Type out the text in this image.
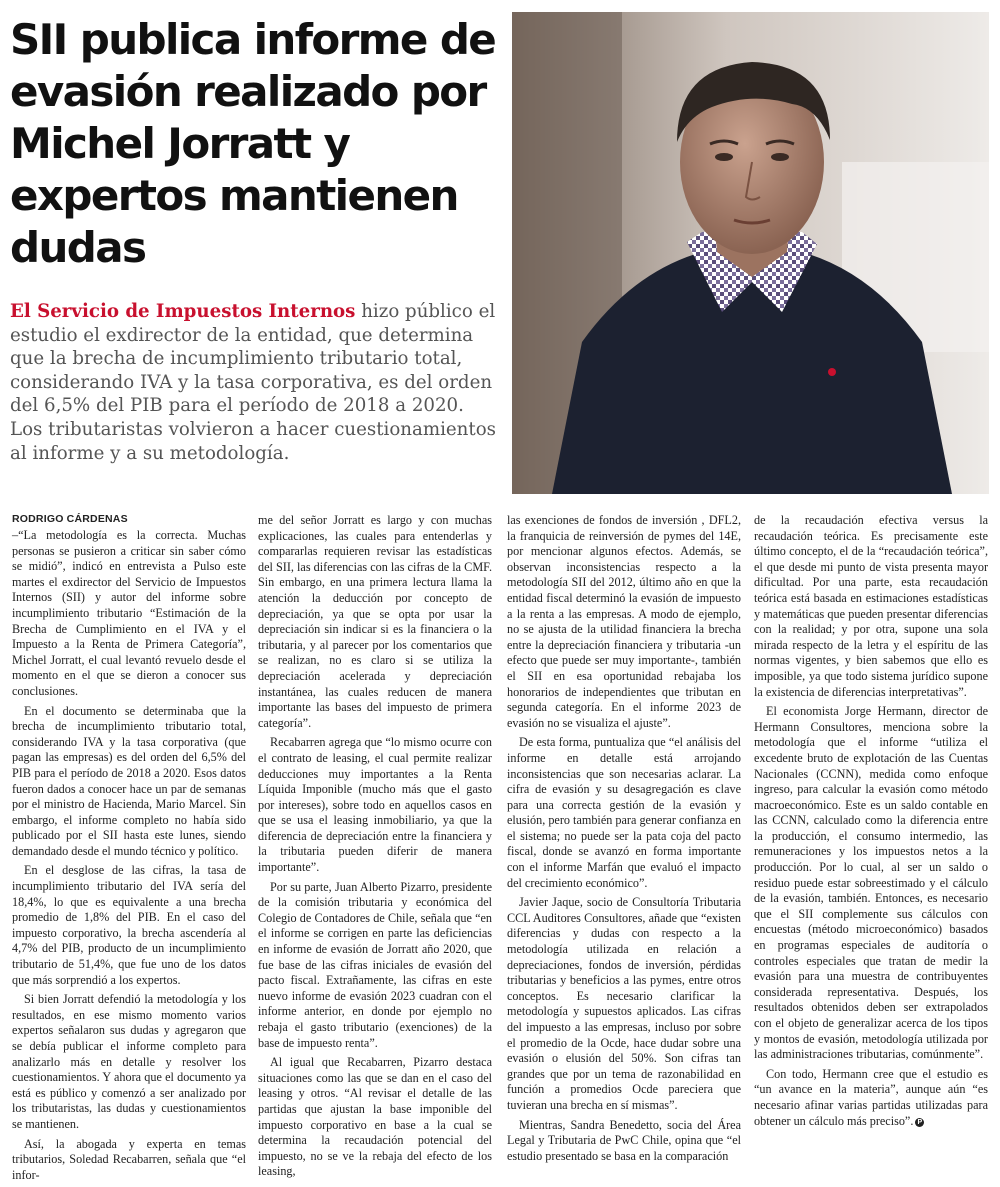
SII publica informe de evasión realizado por Michel Jorratt y expertos mantienen dudas

El Servicio de Impuestos Internos hizo público el estudio el exdirector de la entidad, que determina que la brecha de incumplimiento tributario total, considerando IVA y la tasa corporativa, es del orden del 6,5% del PIB para el período de 2018 a 2020. Los tributaristas volvieron a hacer cuestionamientos al informe y a su metodología.

RODRIGO CÁRDENAS

–“La metodología es la correcta. Muchas personas se pusieron a criticar sin saber cómo se midió”, indicó en entrevista a Pulso este martes el exdirector del Servicio de Impuestos Internos (SII) y autor del informe sobre incumplimiento tributario “Estimación de la Brecha de Cumplimiento en el IVA y el Impuesto a la Renta de Primera Categoría”, Michel Jorratt, el cual levantó revuelo desde el momento en el que se dieron a conocer sus conclusiones.

En el documento se determinaba que la brecha de incumplimiento tributario total, considerando IVA y la tasa corporativa (que pagan las empresas) es del orden del 6,5% del PIB para el período de 2018 a 2020. Esos datos fueron dados a conocer hace un par de semanas por el ministro de Hacienda, Mario Marcel. Sin embargo, el informe completo no había sido publicado por el SII hasta este lunes, siendo demandado desde el mundo técnico y político.

En el desglose de las cifras, la tasa de incumplimiento tributario del IVA sería del 18,4%, lo que es equivalente a una brecha promedio de 1,8% del PIB. En el caso del impuesto corporativo, la brecha ascendería al 4,7% del PIB, producto de un incumplimiento tributario de 51,4%, que fue uno de los datos que más sorprendió a los expertos.

Si bien Jorratt defendió la metodología y los resultados, en ese mismo momento varios expertos señalaron sus dudas y agregaron que se debía publicar el informe completo para analizarlo más en detalle y resolver los cuestionamientos. Y ahora que el documento ya está es público y comenzó a ser analizado por los tributaristas, las dudas y cuestionamientos se mantienen.

Así, la abogada y experta en temas tributarios, Soledad Recabarren, señala que “el infor-

me del señor Jorratt es largo y con muchas explicaciones, las cuales para entenderlas y compararlas requieren revisar las estadísticas del SII, las diferencias con las cifras de la CMF. Sin embargo, en una primera lectura llama la atención la deducción por concepto de depreciación, ya que se opta por usar la depreciación sin indicar si es la financiera o la tributaria, y al parecer por los comentarios que se realizan, no es claro si se utiliza la depreciación acelerada y depreciación instantánea, las cuales reducen de manera importante las bases del impuesto de primera categoría”.

Recabarren agrega que “lo mismo ocurre con el contrato de leasing, el cual permite realizar deducciones muy importantes a la Renta Líquida Imponible (mucho más que el gasto por intereses), sobre todo en aquellos casos en que se usa el leasing inmobiliario, ya que la diferencia de depreciación entre la financiera y la tributaria pueden diferir de manera importante”.

Por su parte, Juan Alberto Pizarro, presidente de la comisión tributaria y económica del Colegio de Contadores de Chile, señala que “en el informe se corrigen en parte las deficiencias en informe de evasión de Jorratt año 2020, que fue base de las cifras iniciales de evasión del pacto fiscal. Extrañamente, las cifras en este nuevo informe de evasión 2023 cuadran con el informe anterior, en donde por ejemplo no rebaja el gasto tributario (exenciones) de la base de impuesto renta”.

Al igual que Recabarren, Pizarro destaca situaciones como las que se dan en el caso del leasing y otros. “Al revisar el detalle de las partidas que ajustan la base imponible del impuesto corporativo en base a la cual se determina la recaudación potencial del impuesto, no se ve la rebaja del efecto de los leasing,

las exenciones de fondos de inversión , DFL2, la franquicia de reinversión de pymes del 14E, por mencionar algunos efectos. Además, se observan inconsistencias respecto a la metodología SII del 2012, último año en que la entidad fiscal determinó la evasión de impuesto a la renta a las empresas. A modo de ejemplo, no se ajusta de la utilidad financiera la brecha entre la depreciación financiera y tributaria -un efecto que puede ser muy importante-, también el SII en esa oportunidad rebajaba los honorarios de independientes que tributan en segunda categoría. En el informe 2023 de evasión no se visualiza el ajuste”.

De esta forma, puntualiza que “el análisis del informe en detalle está arrojando inconsistencias que son necesarias aclarar. La cifra de evasión y su desagregación es clave para una correcta gestión de la evasión y elusión, pero también para generar confianza en el sistema; no puede ser la pata coja del pacto fiscal, donde se avanzó en forma importante con el informe Marfán que evaluó el impacto del crecimiento económico”.

Javier Jaque, socio de Consultoría Tributaria CCL Auditores Consultores, añade que “existen diferencias y dudas con respecto a la metodología utilizada en relación a depreciaciones, fondos de inversión, pérdidas tributarias y beneficios a las pymes, entre otros conceptos. Es necesario clarificar la metodología y supuestos aplicados. Las cifras del impuesto a las empresas, incluso por sobre el promedio de la Ocde, hace dudar sobre una evasión o elusión del 50%. Son cifras tan grandes que por un tema de razonabilidad en función a promedios Ocde pareciera que tuvieran una brecha en sí mismas”.

Mientras, Sandra Benedetto, socia del Área Legal y Tributaria de PwC Chile, opina que “el estudio presentado se basa en la comparación

de la recaudación efectiva versus la recaudación teórica. Es precisamente este último concepto, el de la “recaudación teórica”, el que desde mi punto de vista presenta mayor dificultad. Por una parte, esta recaudación teórica está basada en estimaciones estadísticas y matemáticas que pueden presentar diferencias con la realidad; y por otra, supone una sola mirada respecto de la letra y el espíritu de las normas vigentes, y bien sabemos que ello es imposible, ya que todo sistema jurídico supone la existencia de diferencias interpretativas”.

El economista Jorge Hermann, director de Hermann Consultores, menciona sobre la metodología que el informe “utiliza el excedente bruto de explotación de las Cuentas Nacionales (CCNN), medida como enfoque ingreso, para calcular la evasión como método macroeconómico. Este es un saldo contable en las CCNN, calculado como la diferencia entre la producción, el consumo intermedio, las remuneraciones y los impuestos netos a la producción. Por lo cual, al ser un saldo o residuo puede estar sobreestimado y el cálculo de la evasión, también. Entonces, es necesario que el SII complemente sus cálculos con encuestas (método microeconómico) basados en programas especiales de auditoría o controles especiales que tratan de medir la evasión para una muestra de contribuyentes considerada representativa. Después, los resultados obtenidos deben ser extrapolados con el objeto de generalizar acerca de los tipos y montos de evasión, metodología utilizada por las administraciones tributarias, comúnmente”.

Con todo, Hermann cree que el estudio es “un avance en la materia”, aunque aún “es necesario afinar varias partidas utilizadas para obtener un cálculo más preciso”. P
